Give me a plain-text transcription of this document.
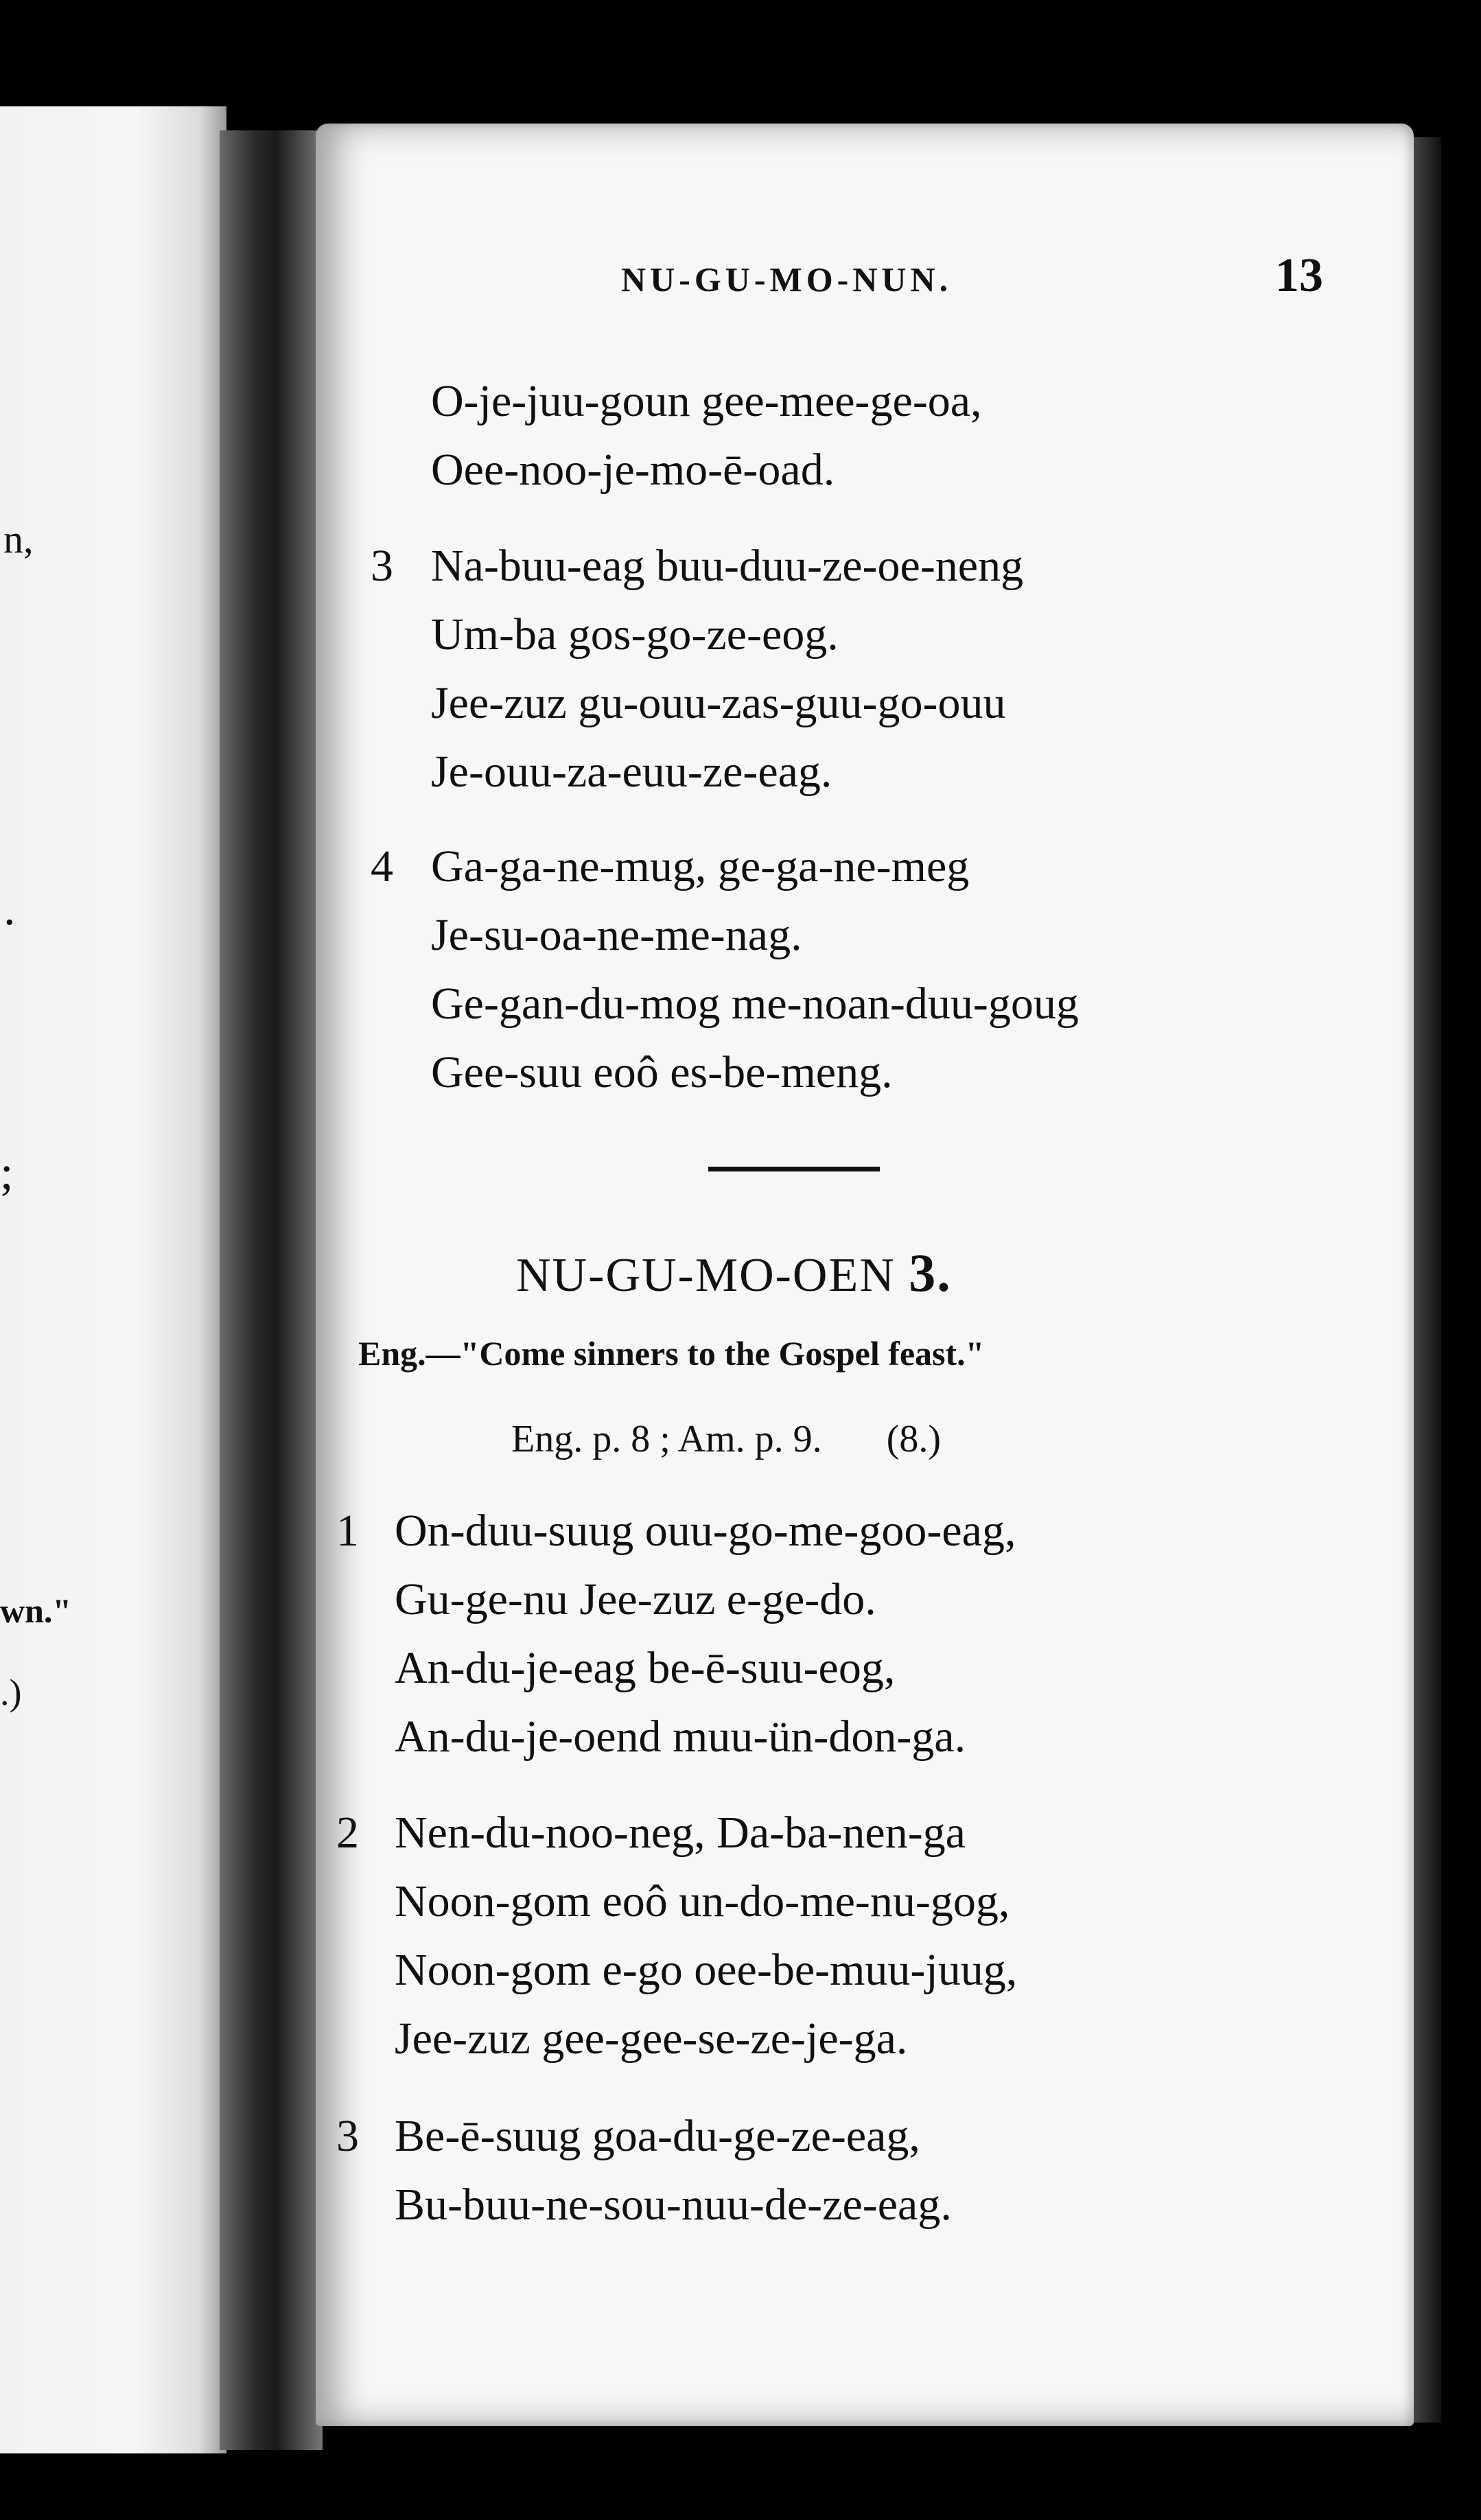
n,
.
;
wn."
.)
NU-GU-MO-NUN.	13
O-je-juu-goun gee-mee-ge-oa,
Oee-noo-je-mo-ē-oad.
3 Na-buu-eag buu-duu-ze-oe-neng
Um-ba gos-go-ze-eog.
Jee-zuz gu-ouu-zas-guu-go-ouu
Je-ouu-za-euu-ze-eag.
4 Ga-ga-ne-mug, ge-ga-ne-meg
Je-su-oa-ne-me-nag.
Ge-gan-du-mog me-noan-duu-goug
Gee-suu eoô es-be-meng.
NU-GU-MO-OEN 3.
Eng.—"Come sinners to the Gospel feast."
Eng. p. 8 ; Am. p. 9. (8.)
1 On-duu-suug ouu-go-me-goo-eag,
Gu-ge-nu Jee-zuz e-ge-do.
An-du-je-eag be-ē-suu-eog,
An-du-je-oend muu-ün-don-ga.
2 Nen-du-noo-neg, Da-ba-nen-ga
Noon-gom eoô un-do-me-nu-gog,
Noon-gom e-go oee-be-muu-juug,
Jee-zuz gee-gee-se-ze-je-ga.
3 Be-ē-suug goa-du-ge-ze-eag,
Bu-buu-ne-sou-nuu-de-ze-eag.
